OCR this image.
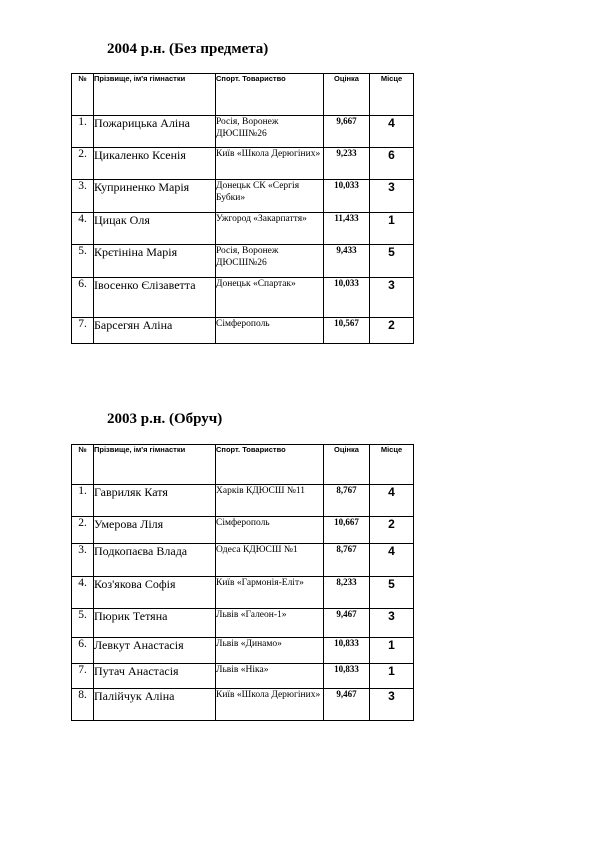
2004 р.н. (Без предмета)
№	Прізвище, ім'я гімнастки	Спорт. Товариство	Оцінка	Місце
1.	Пожарицька Аліна	Росія, Воронеж ДЮСШ№26	9,667	4
2.	Цикаленко Ксенія	Київ «Школа Дерюгіних»	9,233	6
3.	Куприненко Марія	Донецьк СК «Сергія Бубки»	10,033	3
4.	Цицак Оля	Ужгород «Закарпаття»	11,433	1
5.	Крєтініна Марія	Росія, Воронеж ДЮСШ№26	9,433	5
6.	Івосенко Єлізаветта	Донецьк «Спартак»	10,033	3
7.	Барсегян Аліна	Сімферополь	10,567	2
2003 р.н. (Обруч)
№	Прізвище, ім'я гімнастки	Спорт. Товариство	Оцінка	Місце
1.	Гавриляк Катя	Харків КДЮСШ №11	8,767	4
2.	Умерова Ліля	Сімферополь	10,667	2
3.	Подкопаєва Влада	Одеса КДЮСШ №1	8,767	4
4.	Коз'якова Софія	Київ «Гармонія-Еліт»	8,233	5
5.	Пюрик Тетяна	Львів «Галеон-1»	9,467	3
6.	Левкут Анастасія	Львів «Динамо»	10,833	1
7.	Путач Анастасія	Львів «Ніка»	10,833	1
8.	Палійчук Аліна	Київ «Школа Дерюгіних»	9,467	3
